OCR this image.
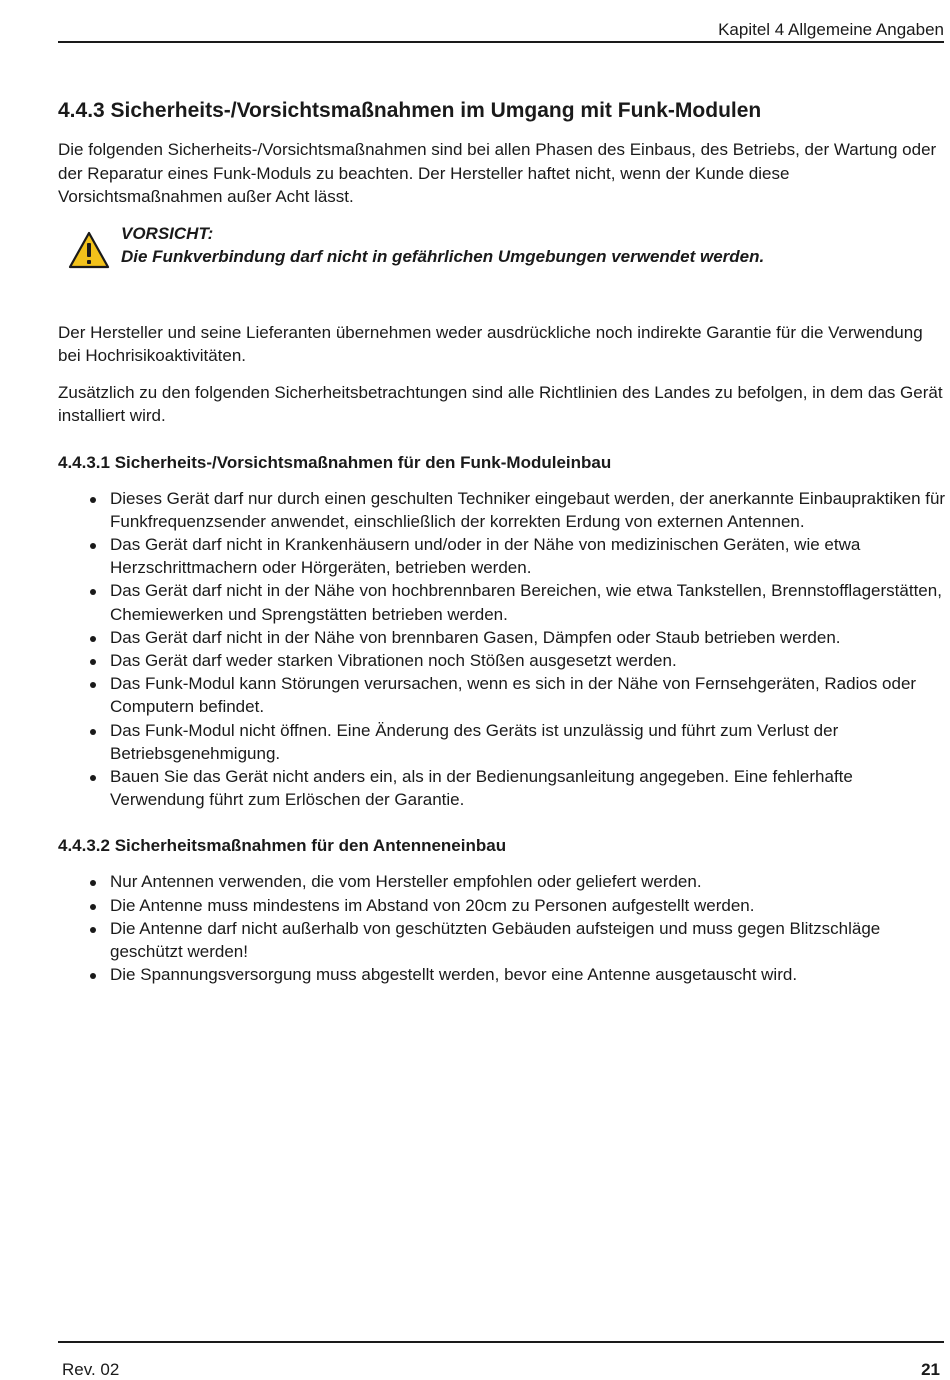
Kapitel 4 Allgemeine Angaben
4.4.3 Sicherheits-/Vorsichtsmaßnahmen im Umgang mit Funk-Modulen

Die folgenden Sicherheits-/Vorsichtsmaßnahmen sind bei allen Phasen des Einbaus, des Betriebs, der Wartung oder der Reparatur eines Funk-Moduls zu beachten. Der Hersteller haftet nicht, wenn der Kunde diese Vorsichtsmaßnahmen außer Acht lässt.

VORSICHT:
Die Funkverbindung darf nicht in gefährlichen Umgebungen verwendet werden.

Der Hersteller und seine Lieferanten übernehmen weder ausdrückliche noch indirekte Garantie für die Verwendung bei Hochrisikoaktivitäten.

Zusätzlich zu den folgenden Sicherheitsbetrachtungen sind alle Richtlinien des Landes zu befolgen, in dem das Gerät installiert wird.

4.4.3.1 Sicherheits-/Vorsichtsmaßnahmen für den Funk-Moduleinbau
Dieses Gerät darf nur durch einen geschulten Techniker eingebaut werden, der anerkannte Einbaupraktiken für Funkfrequenzsender anwendet, einschließlich der korrekten Erdung von externen Antennen.
Das Gerät darf nicht in Krankenhäusern und/oder in der Nähe von medizinischen Geräten, wie etwa Herzschrittmachern oder Hörgeräten, betrieben werden.
Das Gerät darf nicht in der Nähe von hochbrennbaren Bereichen, wie etwa Tankstellen, Brennstofflagerstätten, Chemiewerken und Sprengstätten betrieben werden.
Das Gerät darf nicht in der Nähe von brennbaren Gasen, Dämpfen oder Staub betrieben werden.
Das Gerät darf weder starken Vibrationen noch Stößen ausgesetzt werden.
Das Funk-Modul kann Störungen verursachen, wenn es sich in der Nähe von Fernsehgeräten, Radios oder Computern befindet.
Das Funk-Modul nicht öffnen. Eine Änderung des Geräts ist unzulässig und führt zum Verlust der Betriebsgenehmigung.
Bauen Sie das Gerät nicht anders ein, als in der Bedienungsanleitung angegeben. Eine fehlerhafte Verwendung führt zum Erlöschen der Garantie.
4.4.3.2 Sicherheitsmaßnahmen für den Antenneneinbau
Nur Antennen verwenden, die vom Hersteller empfohlen oder geliefert werden.
Die Antenne muss mindestens im Abstand von 20cm zu Personen aufgestellt werden.
Die Antenne darf nicht außerhalb von geschützten Gebäuden aufsteigen und muss gegen Blitzschläge geschützt werden!
Die Spannungsversorgung muss abgestellt werden, bevor eine Antenne ausgetauscht wird.
Rev. 02	21
